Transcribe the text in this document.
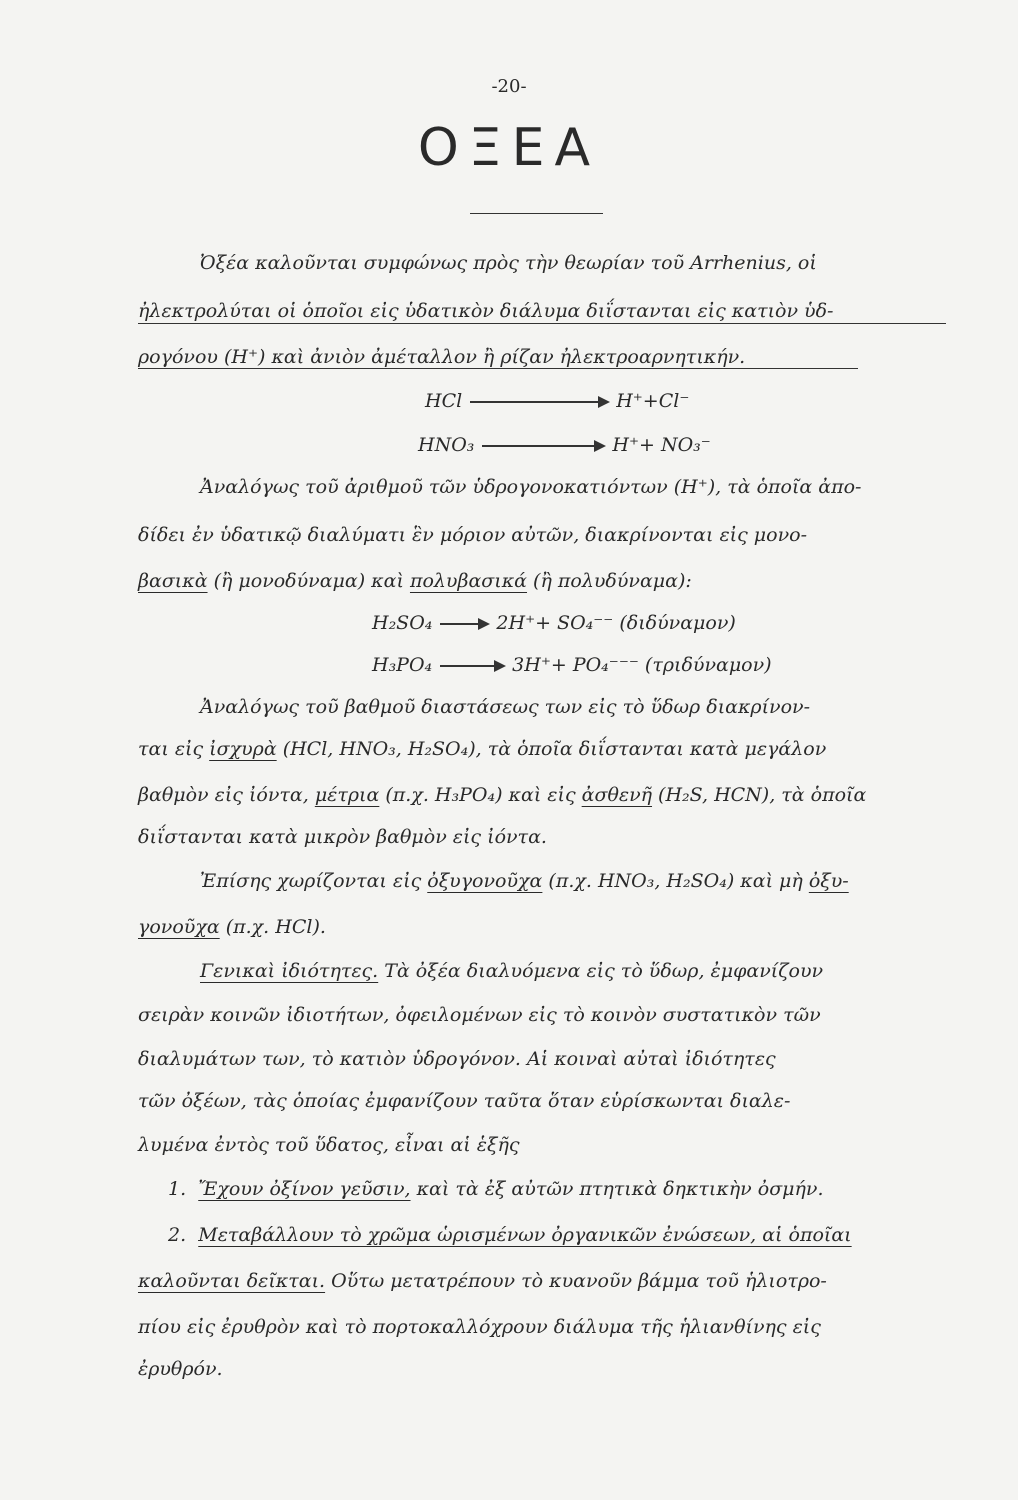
-20-
ΟΞΕΑ
Ὀξέα καλοῦνται συμφώνως πρὸς τὴν θεωρίαν τοῦ Arrhenius, οἱ
ἠλεκτρολύται οἱ ὁποῖοι εἰς ὑδατικὸν διάλυμα διΐστανται εἰς κατιὸν ὑδ-
ρογόνου (H⁺) καὶ ἀνιὸν ἀμέταλλον ἢ ρίζαν ἠλεκτροαρνητικήν.
HCl	H⁺+Cl⁻
HNO₃	H⁺+ NO₃⁻
Ἀναλόγως τοῦ ἀριθμοῦ τῶν ὑδρογονοκατιόντων (H⁺), τὰ ὁποῖα ἀπο-
δίδει ἐν ὑδατικῷ διαλύματι ἓν μόριον αὐτῶν, διακρίνονται εἰς μονο-
βασικὰ (ἢ μονοδύναμα) καὶ πολυβασικά (ἢ πολυδύναμα):
H₂SO₄	2H⁺+ SO₄⁻⁻ (διδύναμον)
H₃PO₄	3H⁺+ PO₄⁻⁻⁻ (τριδύναμον)
Ἀναλόγως τοῦ βαθμοῦ διαστάσεως των εἰς τὸ ὕδωρ διακρίνον-
ται εἰς ἰσχυρὰ (HCl, HNO₃, H₂SO₄), τὰ ὁποῖα διΐστανται κατὰ μεγάλον
βαθμὸν εἰς ἰόντα, μέτρια (π.χ. H₃PO₄) καὶ εἰς ἀσθενῆ (H₂S, HCN), τὰ ὁποῖα
διΐστανται κατὰ μικρὸν βαθμὸν εἰς ἰόντα.
Ἐπίσης χωρίζονται εἰς ὀξυγονοῦχα (π.χ. HNO₃, H₂SO₄) καὶ μὴ ὀξυ-
γονοῦχα (π.χ. HCl).
Γενικαὶ ἰδιότητες. Τὰ ὀξέα διαλυόμενα εἰς τὸ ὕδωρ, ἐμφανίζουν
σειρὰν κοινῶν ἰδιοτήτων, ὀφειλομένων εἰς τὸ κοινὸν συστατικὸν τῶν
διαλυμάτων των, τὸ κατιὸν ὑδρογόνον. Αἱ κοιναὶ αὐταὶ ἰδιότητες
τῶν ὀξέων, τὰς ὁποίας ἐμφανίζουν ταῦτα ὅταν εὑρίσκωνται διαλε-
λυμένα ἐντὸς τοῦ ὕδατος, εἶναι αἱ ἑξῆς
1. Ἔχουν ὀξίνον γεῦσιν, καὶ τὰ ἐξ αὐτῶν πτητικὰ δηκτικὴν ὀσμήν.
2. Μεταβάλλουν τὸ χρῶμα ὡρισμένων ὀργανικῶν ἐνώσεων, αἱ ὁποῖαι
καλοῦνται δεῖκται. Οὕτω μετατρέπουν τὸ κυανοῦν βάμμα τοῦ ἡλιοτρο-
πίου εἰς ἐρυθρὸν καὶ τὸ πορτοκαλλόχρουν διάλυμα τῆς ἡλιανθίνης εἰς
ἐρυθρόν.
